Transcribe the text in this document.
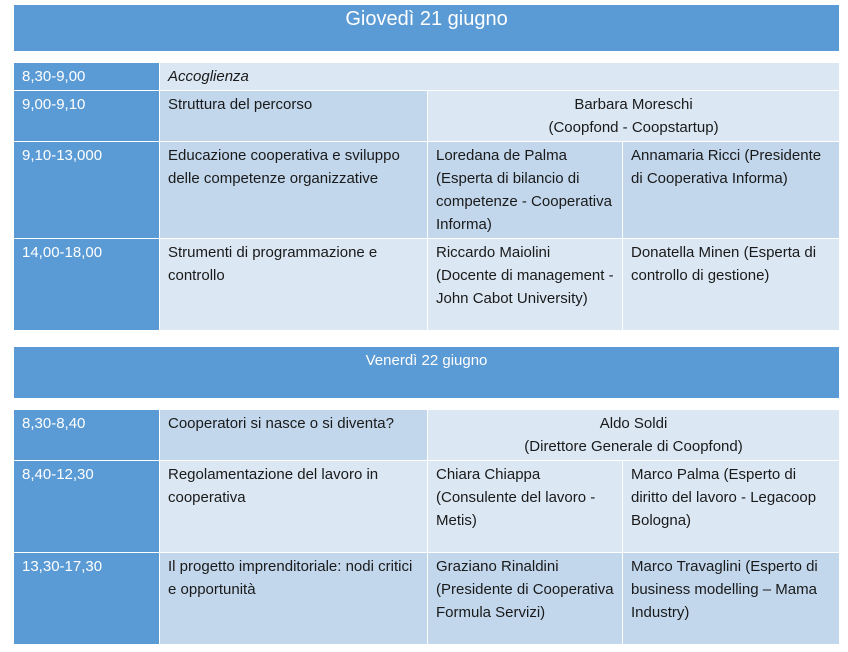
Giovedì 21 giugno			

8,30-9,00	Accoglienza		
9,00-9,10	Struttura del percorso	Barbara Moreschi
(Coopfond - Coopstartup)	

9,10-13,000	Educazione cooperativa e sviluppo delle competenze organizzative	Loredana de Palma (Esperta di bilancio di competenze - Cooperativa Informa)	Annamaria Ricci (Presidente di Cooperativa Informa)
14,00-18,00	Strumenti di programmazione e controllo	Riccardo Maiolini (Docente di management - John Cabot University)	Donatella Minen (Esperta di controllo di gestione)
Venerdì 22 giugno			

8,30-8,40	Cooperatori si nasce o si diventa?	Aldo Soldi
(Direttore Generale di Coopfond)	

8,40-12,30	Regolamentazione del lavoro in cooperativa	Chiara Chiappa (Consulente del lavoro - Metis)	Marco Palma (Esperto di diritto del lavoro - Legacoop Bologna)
13,30-17,30	Il progetto imprenditoriale: nodi critici e opportunità	Graziano Rinaldini (Presidente di Cooperativa Formula Servizi)	Marco Travaglini (Esperto di business modelling – Mama Industry)
